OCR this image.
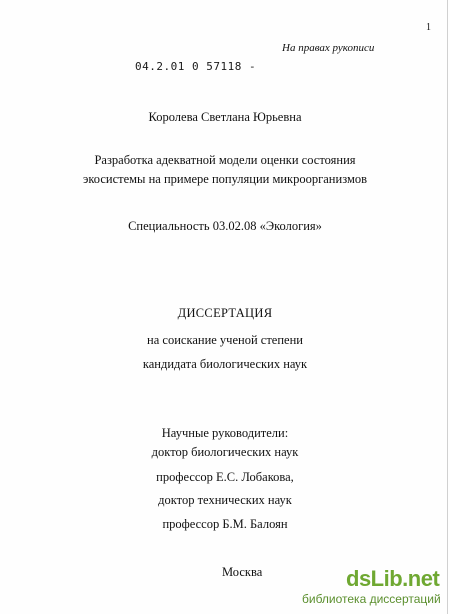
1
На правах рукописи
04.2.01 0 57118 -
Королева Светлана Юрьевна
Разработка адекватной модели оценки состояния
экосистемы на примере популяции микроорганизмов
Специальность 03.02.08 «Экология»
ДИССЕРТАЦИЯ
на соискание ученой степени
кандидата биологических наук
Научные руководители:
доктор биологических наук
профессор Е.С. Лобакова,
доктор технических наук
профессор Б.М. Балоян
Москва	dsLib.net
библиотека диссертаций
